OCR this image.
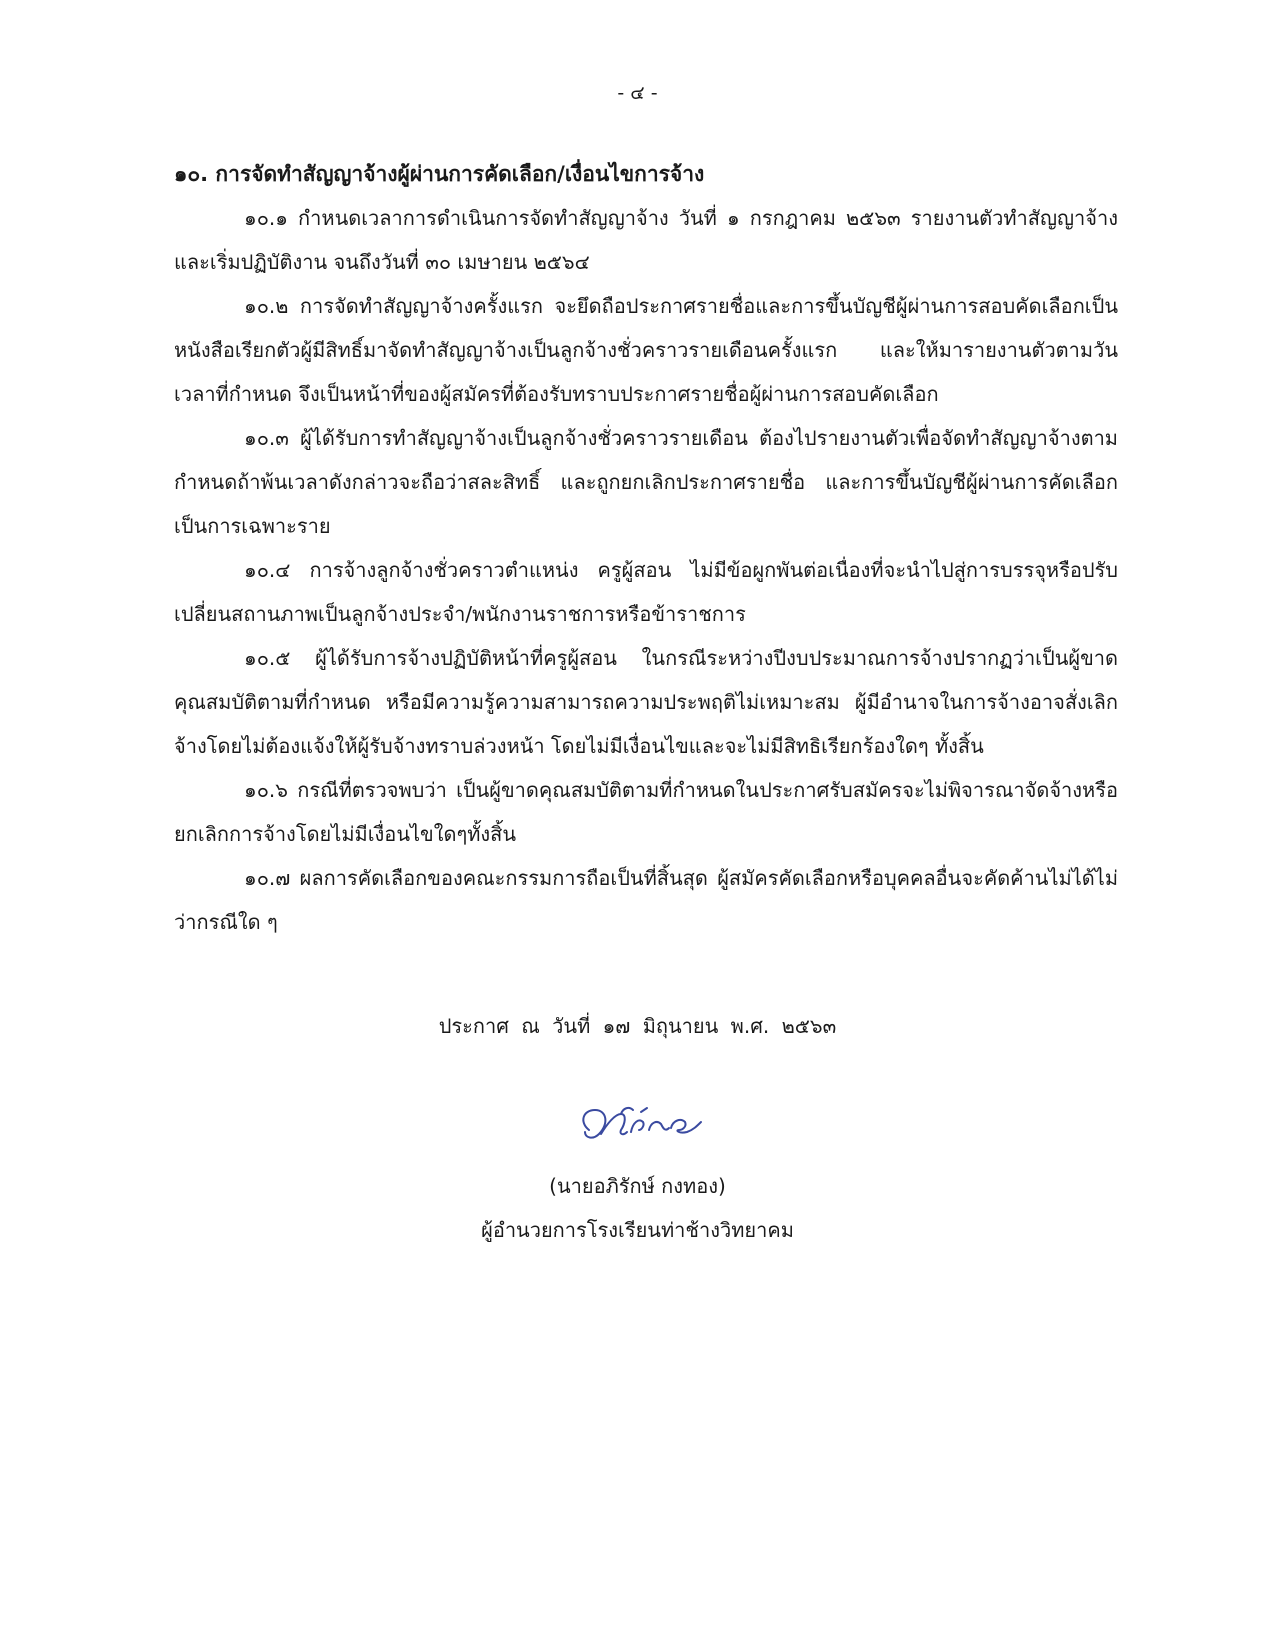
- ๔ -

๑๐. การจัดทำสัญญาจ้างผู้ผ่านการคัดเลือก/เงื่อนไขการจ้าง

๑๐.๑ กำหนดเวลาการดำเนินการจัดทำสัญญาจ้าง วันที่ ๑ กรกฎาคม ๒๕๖๓ รายงานตัวทำสัญญาจ้างและเริ่มปฏิบัติงาน จนถึงวันที่ ๓๐ เมษายน ๒๕๖๔

๑๐.๒ การจัดทำสัญญาจ้างครั้งแรก จะยึดถือประกาศรายชื่อและการขึ้นบัญชีผู้ผ่านการสอบคัดเลือกเป็นหนังสือเรียกตัวผู้มีสิทธิ์มาจัดทำสัญญาจ้างเป็นลูกจ้างชั่วคราวรายเดือนครั้งแรก และให้มารายงานตัวตามวันเวลาที่กำหนด จึงเป็นหน้าที่ของผู้สมัครที่ต้องรับทราบประกาศรายชื่อผู้ผ่านการสอบคัดเลือก

๑๐.๓ ผู้ได้รับการทำสัญญาจ้างเป็นลูกจ้างชั่วคราวรายเดือน ต้องไปรายงานตัวเพื่อจัดทำสัญญาจ้างตามกำหนดถ้าพ้นเวลาดังกล่าวจะถือว่าสละสิทธิ์ และถูกยกเลิกประกาศรายชื่อ และการขึ้นบัญชีผู้ผ่านการคัดเลือกเป็นการเฉพาะราย

๑๐.๔ การจ้างลูกจ้างชั่วคราวตำแหน่ง ครูผู้สอน ไม่มีข้อผูกพันต่อเนื่องที่จะนำไปสู่การบรรจุหรือปรับเปลี่ยนสถานภาพเป็นลูกจ้างประจำ/พนักงานราชการหรือข้าราชการ

๑๐.๕ ผู้ได้รับการจ้างปฏิบัติหน้าที่ครูผู้สอน ในกรณีระหว่างปีงบประมาณการจ้างปรากฏว่าเป็นผู้ขาดคุณสมบัติตามที่กำหนด หรือมีความรู้ความสามารถความประพฤติไม่เหมาะสม ผู้มีอำนาจในการจ้างอาจสั่งเลิกจ้างโดยไม่ต้องแจ้งให้ผู้รับจ้างทราบล่วงหน้า โดยไม่มีเงื่อนไขและจะไม่มีสิทธิเรียกร้องใดๆ ทั้งสิ้น

๑๐.๖ กรณีที่ตรวจพบว่า เป็นผู้ขาดคุณสมบัติตามที่กำหนดในประกาศรับสมัครจะไม่พิจารณาจัดจ้างหรือยกเลิกการจ้างโดยไม่มีเงื่อนไขใดๆทั้งสิ้น

๑๐.๗ ผลการคัดเลือกของคณะกรรมการถือเป็นที่สิ้นสุด ผู้สมัครคัดเลือกหรือบุคคลอื่นจะคัดค้านไม่ได้ไม่ว่ากรณีใด ๆ

ประกาศ ณ วันที่ ๑๗ มิถุนายน พ.ศ. ๒๕๖๓

(นายอภิรักษ์ กงทอง)

ผู้อำนวยการโรงเรียนท่าช้างวิทยาคม
